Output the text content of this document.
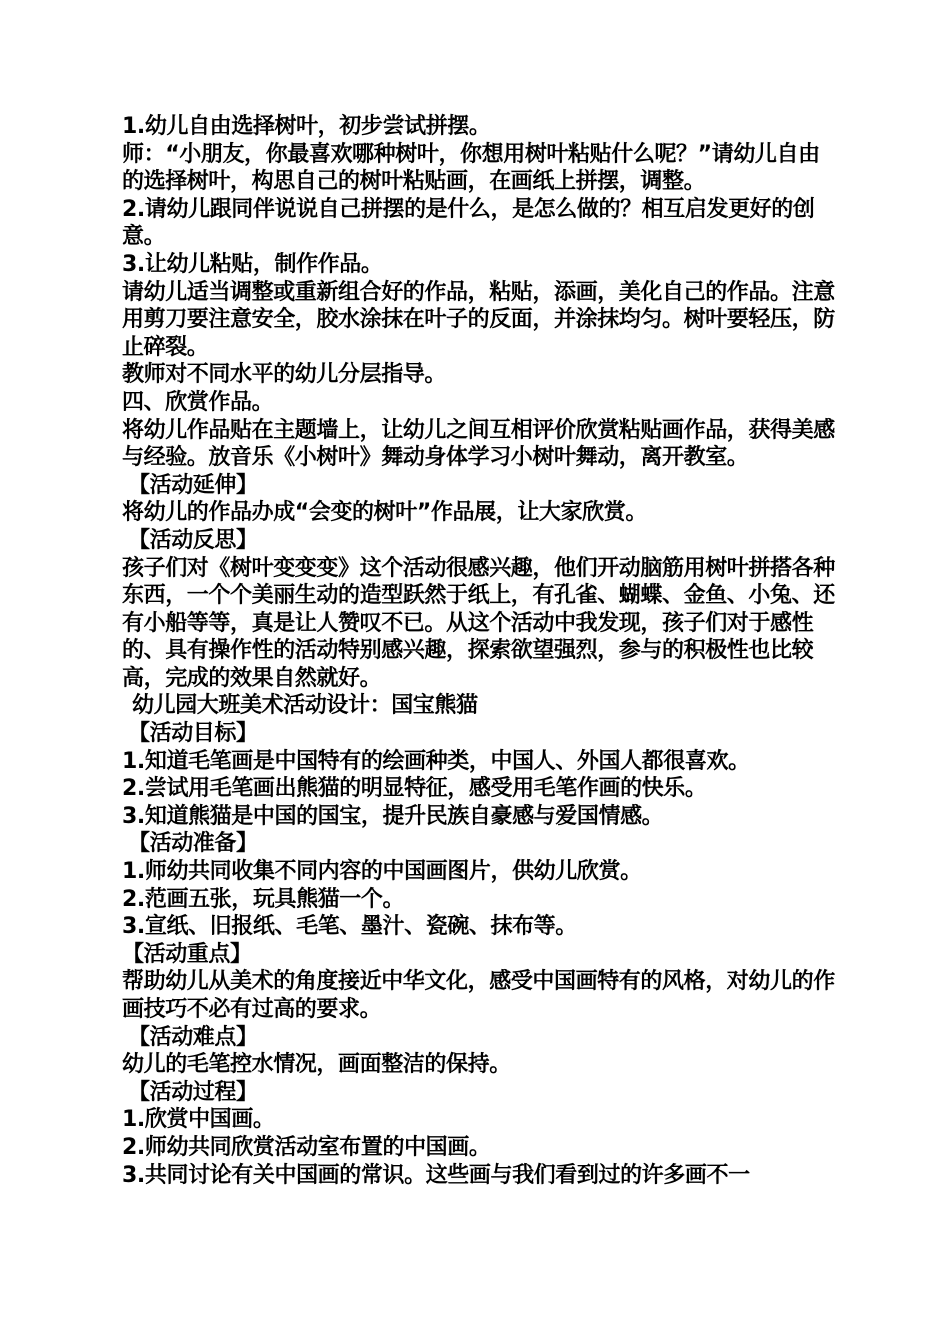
1.幼儿自由选择树叶，初步尝试拼摆。

师：“小朋友，你最喜欢哪种树叶，你想用树叶粘贴什么呢？”请幼儿自由的选择树叶，构思自己的树叶粘贴画，在画纸上拼摆，调整。

2.请幼儿跟同伴说说自己拼摆的是什么，是怎么做的？相互启发更好的创意。

3.让幼儿粘贴，制作作品。

请幼儿适当调整或重新组合好的作品，粘贴，添画，美化自己的作品。注意用剪刀要注意安全，胶水涂抹在叶子的反面，并涂抹均匀。树叶要轻压，防止碎裂。

教师对不同水平的幼儿分层指导。

四、欣赏作品。

将幼儿作品贴在主题墙上，让幼儿之间互相评价欣赏粘贴画作品，获得美感与经验。放音乐《小树叶》舞动身体学习小树叶舞动，离开教室。

【活动延伸】

将幼儿的作品办成“会变的树叶”作品展，让大家欣赏。

【活动反思】

孩子们对《树叶变变变》这个活动很感兴趣，他们开动脑筋用树叶拼搭各种东西，一个个美丽生动的造型跃然于纸上，有孔雀、蝴蝶、金鱼、小兔、还有小船等等，真是让人赞叹不已。从这个活动中我发现，孩子们对于感性的、具有操作性的活动特别感兴趣，探索欲望强烈，参与的积极性也比较高，完成的效果自然就好。

幼儿园大班美术活动设计：国宝熊猫

【活动目标】

1.知道毛笔画是中国特有的绘画种类，中国人、外国人都很喜欢。

2.尝试用毛笔画出熊猫的明显特征，感受用毛笔作画的快乐。

3.知道熊猫是中国的国宝，提升民族自豪感与爱国情感。

【活动准备】

1.师幼共同收集不同内容的中国画图片，供幼儿欣赏。

2.范画五张，玩具熊猫一个。

3.宣纸、旧报纸、毛笔、墨汁、瓷碗、抹布等。

【活动重点】

帮助幼儿从美术的角度接近中华文化，感受中国画特有的风格，对幼儿的作画技巧不必有过高的要求。

【活动难点】

幼儿的毛笔控水情况，画面整洁的保持。

【活动过程】

1.欣赏中国画。

2.师幼共同欣赏活动室布置的中国画。

3.共同讨论有关中国画的常识。这些画与我们看到过的许多画不一
